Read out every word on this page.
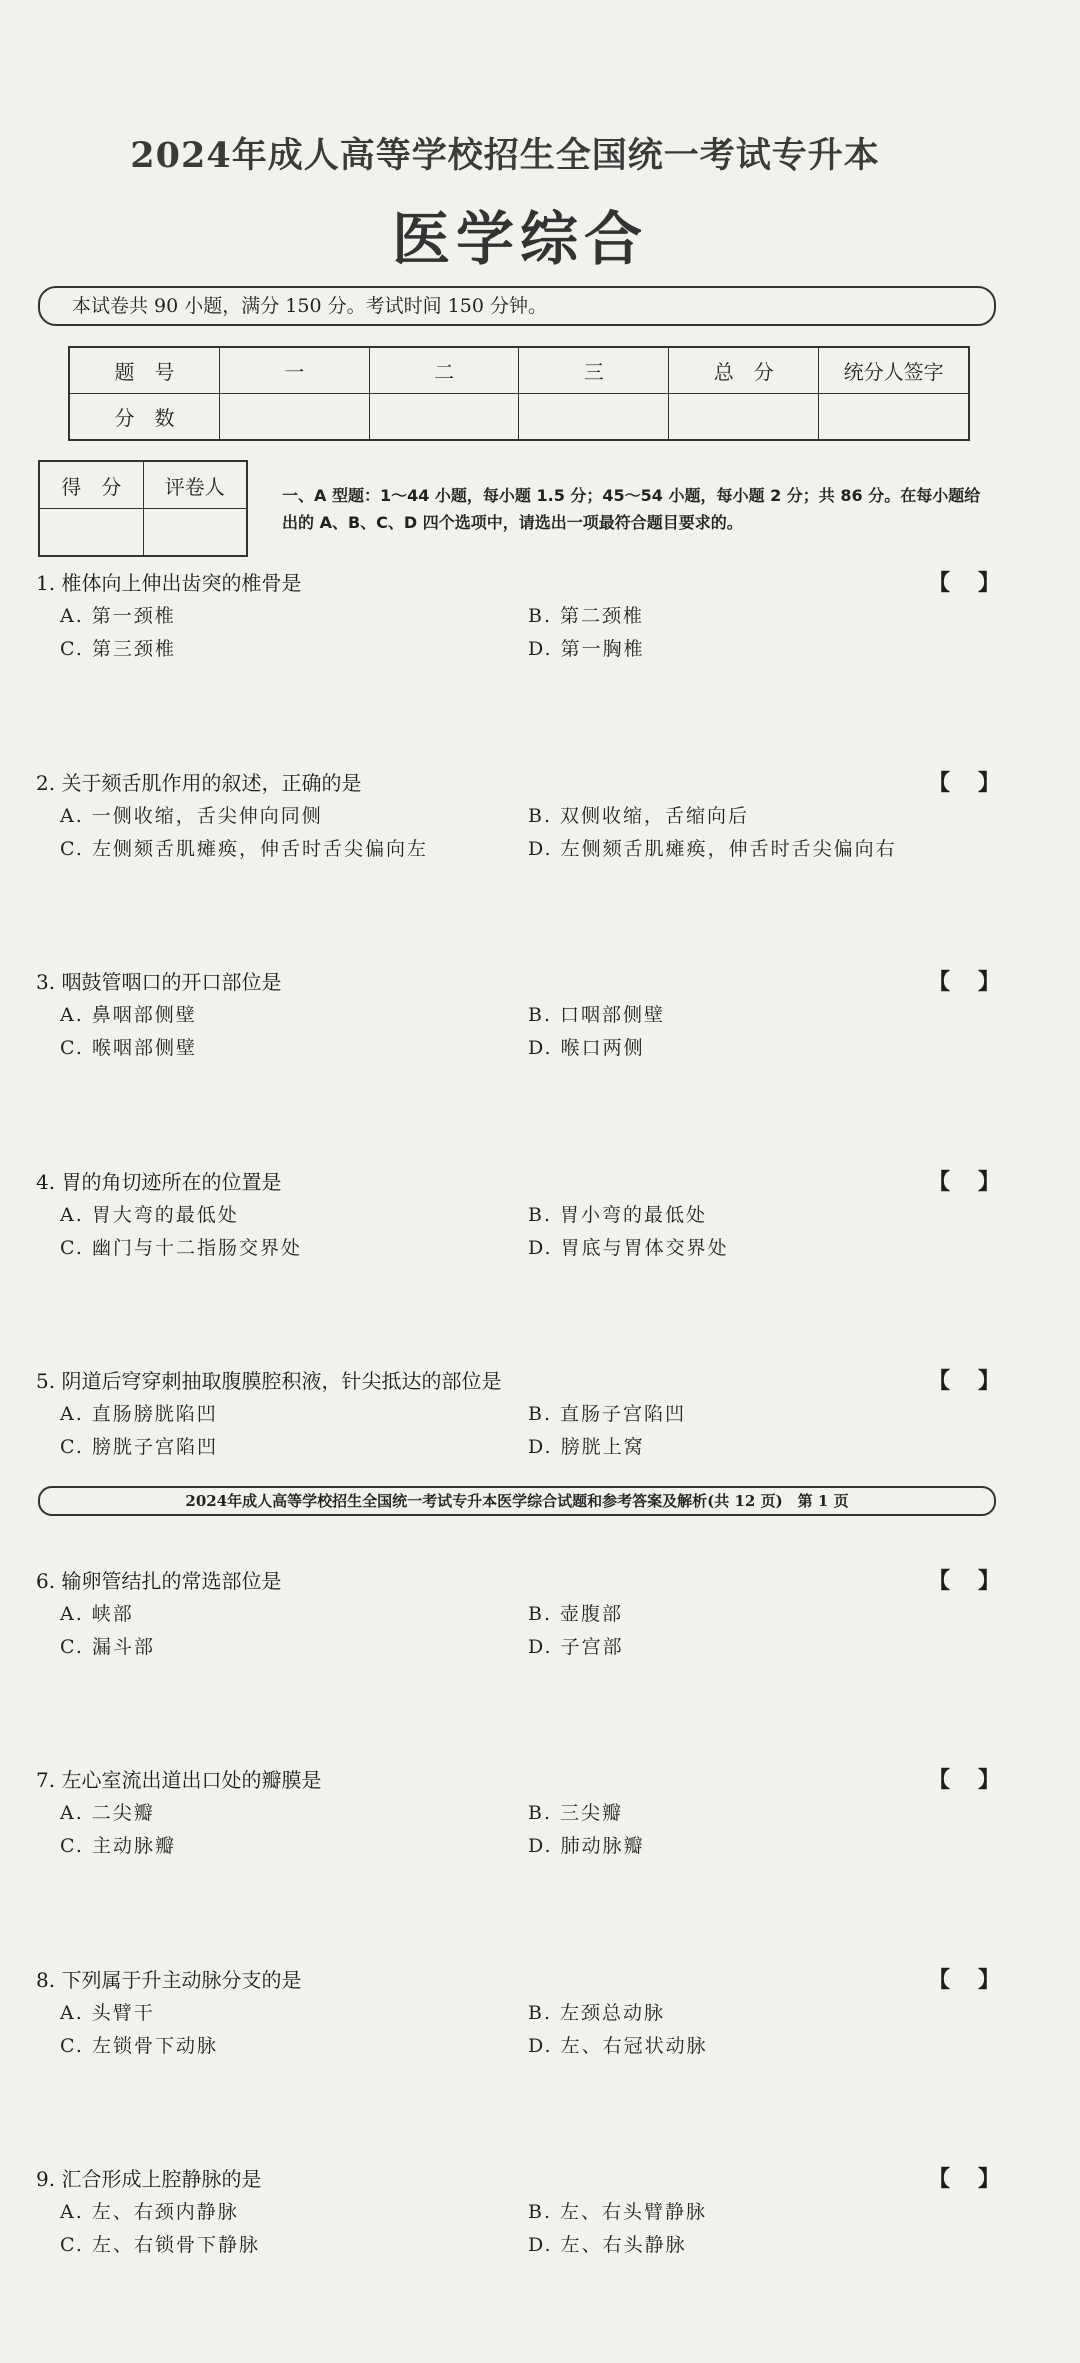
2024年成人高等学校招生全国统一考试专升本
医学综合
本试卷共 90 小题，满分 150 分。考试时间 150 分钟。
题　号	一	二	三	总　分	统分人签字
分　数					
得　分	评卷人
		一、A 型题：1～44 小题，每小题 1.5 分；45～54 小题，每小题 2 分；共 86 分。在每小题给出的 A、B、C、D 四个选项中，请选出一项最符合题目要求的。
1. 椎体向上伸出齿突的椎骨是	【 】
A. 第一颈椎	B. 第二颈椎
C. 第三颈椎	D. 第一胸椎
2. 关于颏舌肌作用的叙述，正确的是	【 】
A. 一侧收缩，舌尖伸向同侧	B. 双侧收缩，舌缩向后
C. 左侧颏舌肌瘫痪，伸舌时舌尖偏向左	D. 左侧颏舌肌瘫痪，伸舌时舌尖偏向右
3. 咽鼓管咽口的开口部位是	【 】
A. 鼻咽部侧壁	B. 口咽部侧壁
C. 喉咽部侧壁	D. 喉口两侧
4. 胃的角切迹所在的位置是	【 】
A. 胃大弯的最低处	B. 胃小弯的最低处
C. 幽门与十二指肠交界处	D. 胃底与胃体交界处
5. 阴道后穹穿刺抽取腹膜腔积液，针尖抵达的部位是	【 】
A. 直肠膀胱陷凹	B. 直肠子宫陷凹
C. 膀胱子宫陷凹	D. 膀胱上窝
6. 输卵管结扎的常选部位是	【 】
A. 峡部	B. 壶腹部
C. 漏斗部	D. 子宫部
7. 左心室流出道出口处的瓣膜是	【 】
A. 二尖瓣	B. 三尖瓣
C. 主动脉瓣	D. 肺动脉瓣
8. 下列属于升主动脉分支的是	【 】
A. 头臂干	B. 左颈总动脉
C. 左锁骨下动脉	D. 左、右冠状动脉
9. 汇合形成上腔静脉的是	【 】
A. 左、右颈内静脉	B. 左、右头臂静脉
C. 左、右锁骨下静脉	D. 左、右头静脉
2024年成人高等学校招生全国统一考试专升本医学综合试题和参考答案及解析(共 12 页)　第 1 页
